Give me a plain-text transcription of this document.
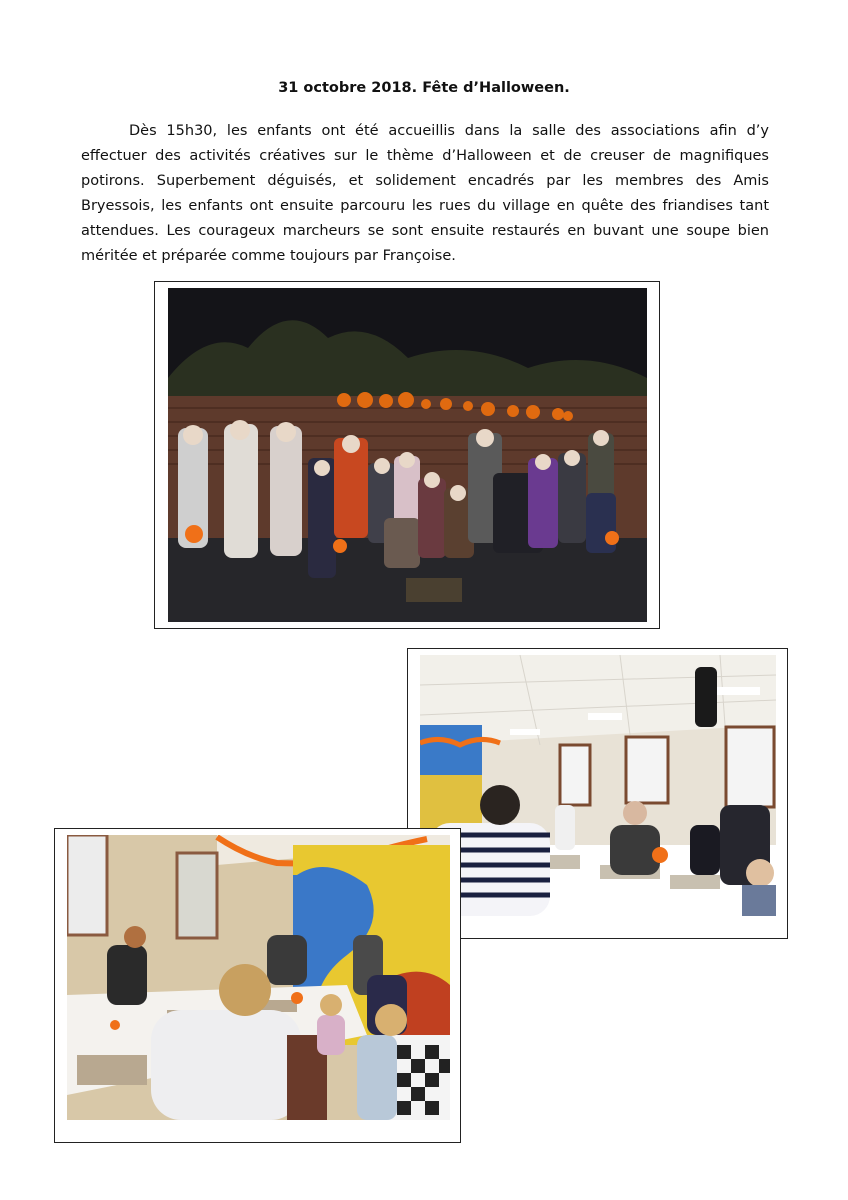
31 octobre 2018. Fête d’Halloween.

Dès 15h30, les enfants ont été accueillis dans la salle des associations afin d’y effectuer des activités créatives sur le thème d’Halloween et de creuser de magnifiques potirons. Superbement déguisés, et solidement encadrés par les membres des Amis Bryessois, les enfants ont ensuite parcouru les rues du village en quête des friandises tant attendues. Les courageux marcheurs se sont ensuite restaurés en buvant une soupe bien méritée et préparée comme toujours par Françoise.
